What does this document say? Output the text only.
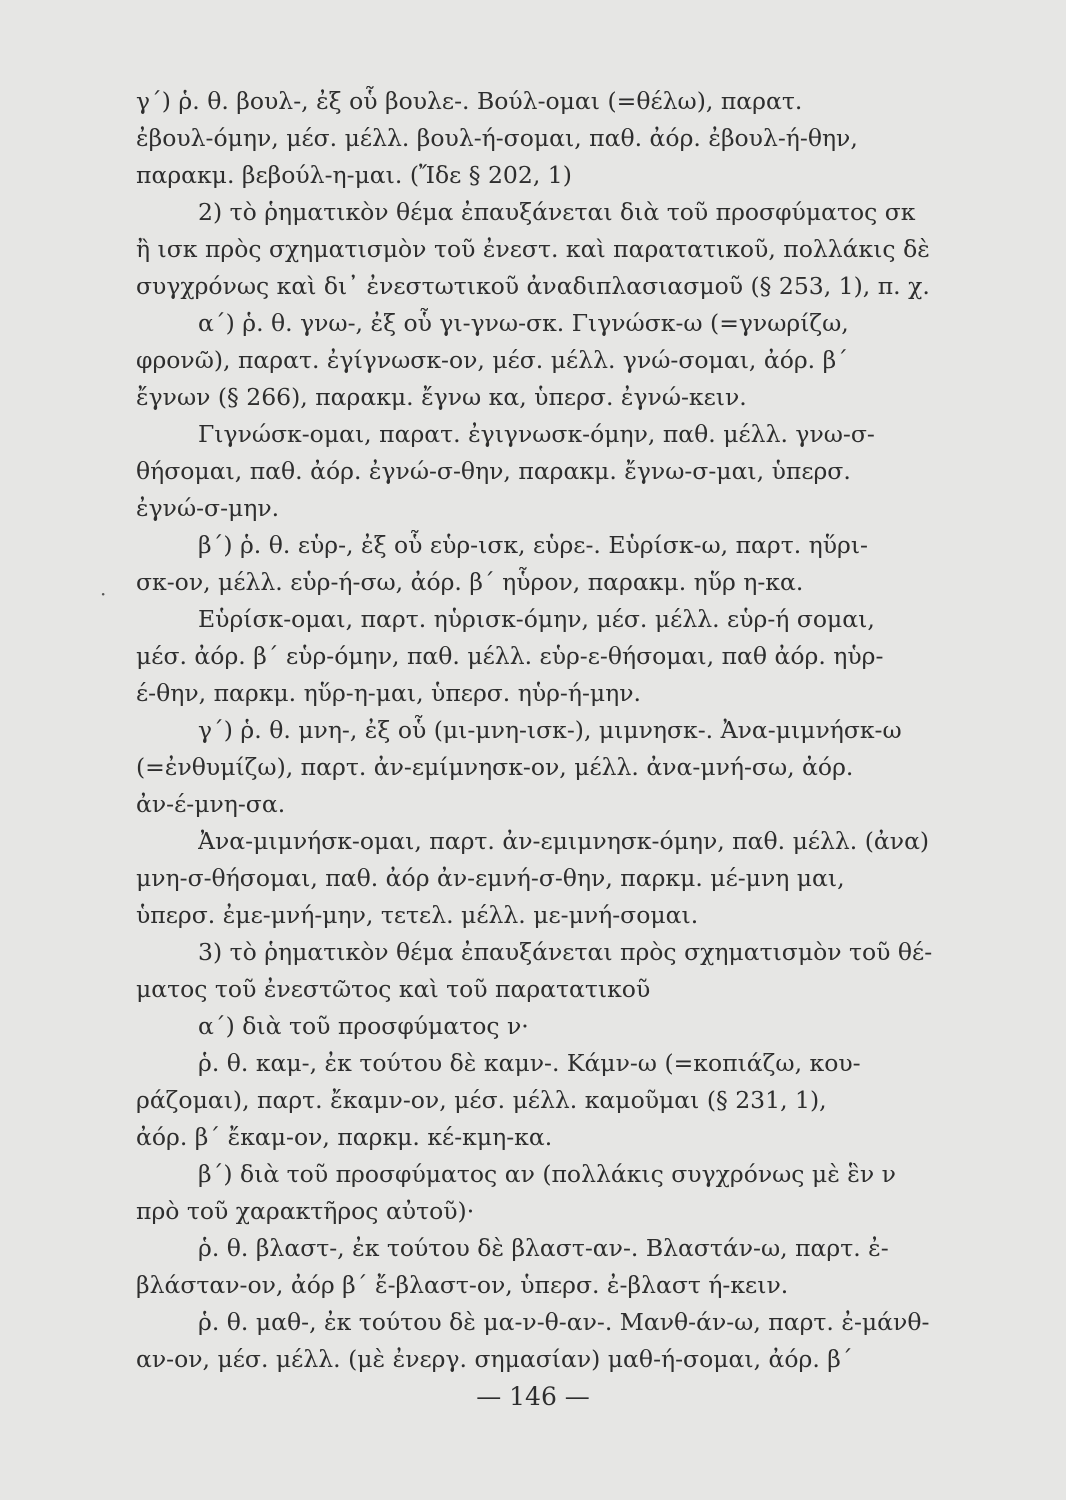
γ΄) ῥ. θ. βουλ-, ἐξ οὗ βουλε-. Βούλ-ομαι (=θέλω), παρατ.
ἐβουλ-όμην, μέσ. μέλλ. βουλ-ή-σομαι, παθ. ἀόρ. ἐβουλ-ή-θην,
παρακμ. βεβούλ-η-μαι. (Ἴδε § 202, 1)
2) τὸ ῥηματικὸν θέμα ἐπαυξάνεται διὰ τοῦ προσφύματος σκ
ἢ ισκ πρὸς σχηματισμὸν τοῦ ἐνεστ. καὶ παρατατικοῦ, πολλάκις δὲ
συγχρόνως καὶ δι᾿ ἐνεστωτικοῦ ἀναδιπλασιασμοῦ (§ 253, 1), π. χ.
α΄) ῥ. θ. γνω-, ἐξ οὗ γι-γνω-σκ. Γιγνώσκ-ω (=γνωρίζω,
φρονῶ), παρατ. ἐγίγνωσκ-ον, μέσ. μέλλ. γνώ-σομαι, ἀόρ. β΄
ἔγνων (§ 266), παρακμ. ἔγνω κα, ὑπερσ. ἐγνώ-κειν.
Γιγνώσκ-ομαι, παρατ. ἐγιγνωσκ-όμην, παθ. μέλλ. γνω-σ-
θήσομαι, παθ. ἀόρ. ἐγνώ-σ-θην, παρακμ. ἔγνω-σ-μαι, ὑπερσ.
ἐγνώ-σ-μην.
β΄) ῥ. θ. εὑρ-, ἐξ οὗ εὑρ-ισκ, εὑρε-. Εὑρίσκ-ω, παρτ. ηὕρι-
σκ-ον, μέλλ. εὑρ-ή-σω, ἀόρ. β΄ ηὗρον, παρακμ. ηὕρ η-κα.
Εὑρίσκ-ομαι, παρτ. ηὑρισκ-όμην, μέσ. μέλλ. εὑρ-ή σομαι,
μέσ. ἀόρ. β΄ εὑρ-όμην, παθ. μέλλ. εὑρ-ε-θήσομαι, παθ ἀόρ. ηὑρ-
έ-θην, παρκμ. ηὕρ-η-μαι, ὑπερσ. ηὑρ-ή-μην.
γ΄) ῥ. θ. μνη-, ἐξ οὗ (μι-μνη-ισκ-), μιμνησκ-. Ἀνα-μιμνήσκ-ω
(=ἐνθυμίζω), παρτ. ἀν-εμίμνησκ-ον, μέλλ. ἀνα-μνή-σω, ἀόρ.
ἀν-έ-μνη-σα.
Ἀνα-μιμνήσκ-ομαι, παρτ. ἀν-εμιμνησκ-όμην, παθ. μέλλ. (ἀνα)
μνη-σ-θήσομαι, παθ. ἀόρ ἀν-εμνή-σ-θην, παρκμ. μέ-μνη μαι,
ὑπερσ. ἐμε-μνή-μην, τετελ. μέλλ. με-μνή-σομαι.
3) τὸ ῥηματικὸν θέμα ἐπαυξάνεται πρὸς σχηματισμὸν τοῦ θέ-
ματος τοῦ ἐνεστῶτος καὶ τοῦ παρατατικοῦ
α΄) διὰ τοῦ προσφύματος ν·
ῥ. θ. καμ-, ἐκ τούτου δὲ καμν-. Κάμν-ω (=κοπιάζω, κου-
ράζομαι), παρτ. ἔκαμν-ον, μέσ. μέλλ. καμοῦμαι (§ 231, 1),
ἀόρ. β΄ ἔκαμ-ον, παρκμ. κέ-κμη-κα.
β΄) διὰ τοῦ προσφύματος αν (πολλάκις συγχρόνως μὲ ἓν ν
πρὸ τοῦ χαρακτῆρος αὐτοῦ)·
ῥ. θ. βλαστ-, ἐκ τούτου δὲ βλαστ-αν-. Βλαστάν-ω, παρτ. ἐ-
βλάσταν-ον, ἀόρ β΄ ἔ-βλαστ-ον, ὑπερσ. ἐ-βλαστ ή-κειν.
ῥ. θ. μαθ-, ἐκ τούτου δὲ μα-ν-θ-αν-. Μανθ-άν-ω, παρτ. ἐ-μάνθ-
αν-ον, μέσ. μέλλ. (μὲ ἐνεργ. σημασίαν) μαθ-ή-σομαι, ἀόρ. β΄
·
— 146 —
